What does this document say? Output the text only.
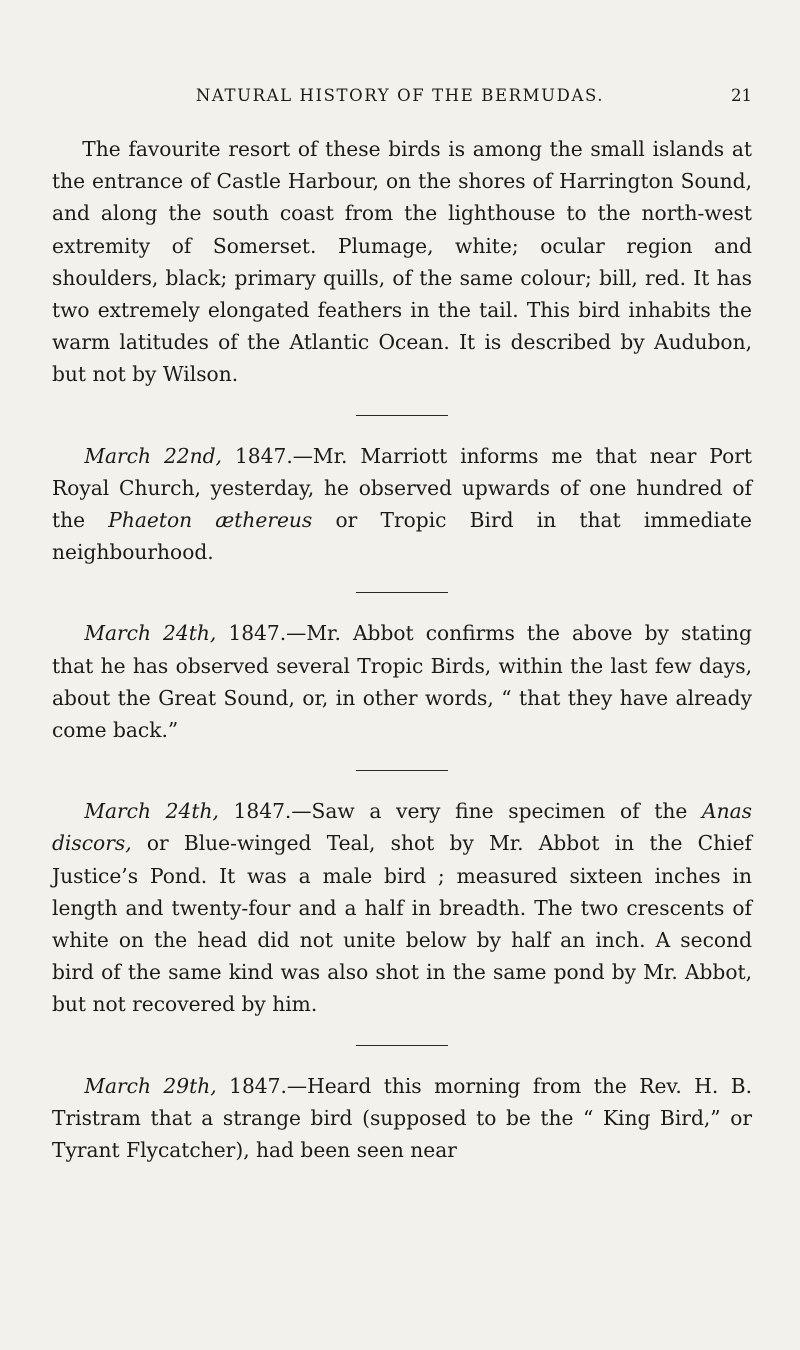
NATURAL HISTORY OF THE BERMUDAS.	21

The favourite resort of these birds is among the small islands at the entrance of Castle Harbour, on the shores of Harrington Sound, and along the south coast from the lighthouse to the north-west extremity of Somerset. Plumage, white; ocular region and shoulders, black; primary quills, of the same colour; bill, red. It has two extremely elongated feathers in the tail. This bird inhabits the warm latitudes of the Atlantic Ocean. It is described by Audubon, but not by Wilson.

March 22nd, 1847.—Mr. Marriott informs me that near Port Royal Church, yesterday, he observed upwards of one hundred of the Phaeton æthereus or Tropic Bird in that immediate neighbourhood.

March 24th, 1847.—Mr. Abbot confirms the above by stating that he has observed several Tropic Birds, within the last few days, about the Great Sound, or, in other words, “ that they have already come back.”

March 24th, 1847.—Saw a very fine specimen of the Anas discors, or Blue-winged Teal, shot by Mr. Abbot in the Chief Justice’s Pond. It was a male bird ; measured sixteen inches in length and twenty-four and a half in breadth. The two crescents of white on the head did not unite below by half an inch. A second bird of the same kind was also shot in the same pond by Mr. Abbot, but not recovered by him.

March 29th, 1847.—Heard this morning from the Rev. H. B. Tristram that a strange bird (supposed to be the “ King Bird,” or Tyrant Flycatcher), had been seen near
